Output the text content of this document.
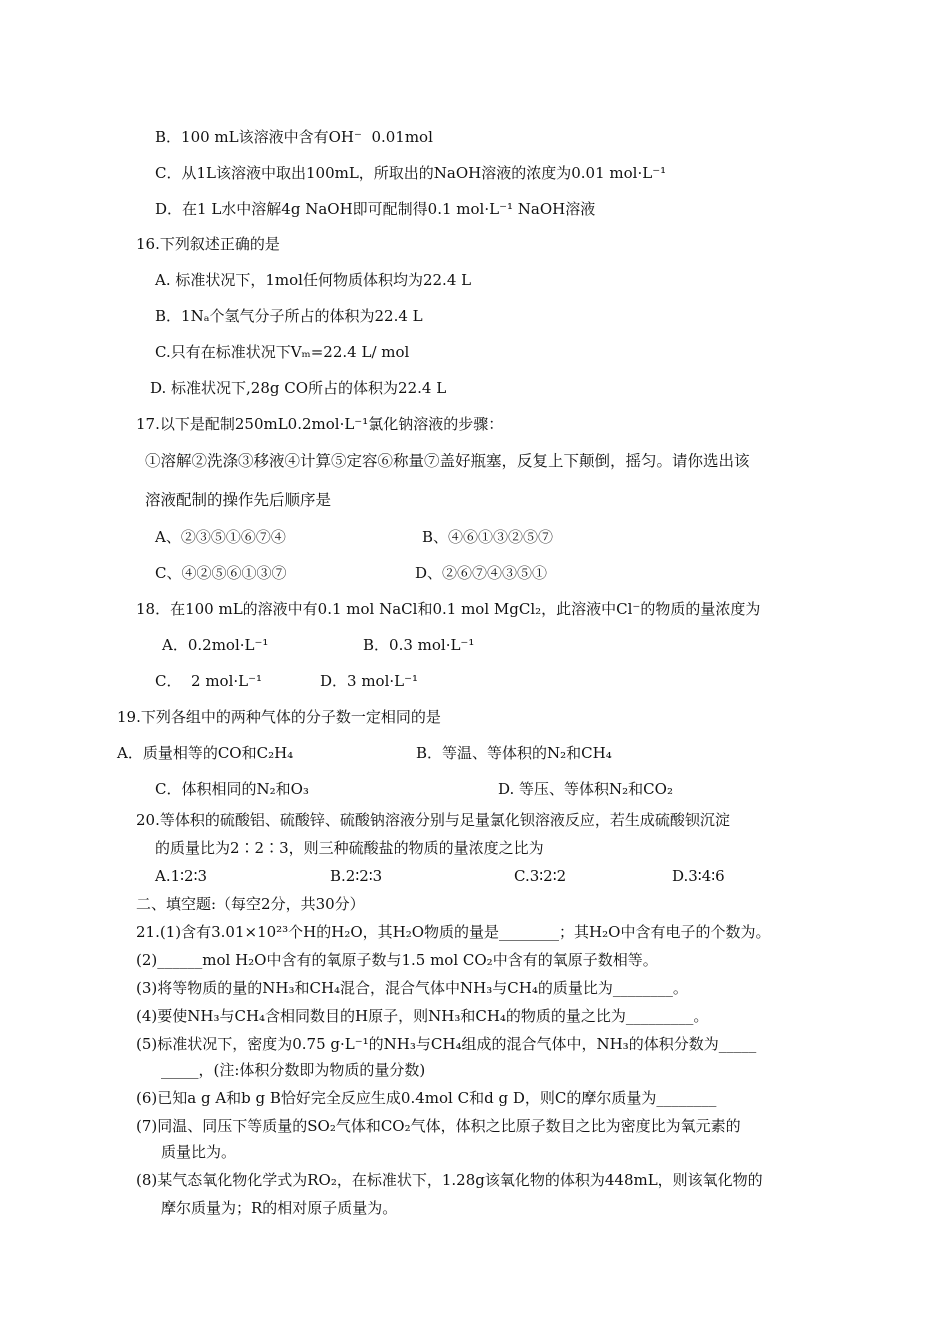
B．100 mL该溶液中含有OH⁻  0.01mol
C．从1L该溶液中取出100mL，所取出的NaOH溶液的浓度为0.01 mol·L⁻¹
D．在1 L水中溶解4g NaOH即可配制得0.1 mol·L⁻¹ NaOH溶液
16.下列叙述正确的是
A. 标准状况下，1mol任何物质体积均为22.4 L
B．1Nₐ个氢气分子所占的体积为22.4 L
C.只有在标准状况下Vₘ=22.4 L/ mol
D. 标准状况下,28g CO所占的体积为22.4 L
17.以下是配制250mL0.2mol·L⁻¹氯化钠溶液的步骤：
①溶解②洗涤③移液④计算⑤定容⑥称量⑦盖好瓶塞，反复上下颠倒，摇匀。请你选出该
溶液配制的操作先后顺序是
A、②③⑤①⑥⑦④	B、④⑥①③②⑤⑦
C、④②⑤⑥①③⑦	D、②⑥⑦④③⑤①
18．在100 mL的溶液中有0.1 mol NaCl和0.1 mol MgCl₂，此溶液中Cl⁻的物质的量浓度为
A．0.2mol·L⁻¹	B．0.3 mol·L⁻¹
C．  2 mol·L⁻¹	D．3 mol·L⁻¹
19.下列各组中的两种气体的分子数一定相同的是
A．质量相等的CO和C₂H₄	B．等温、等体积的N₂和CH₄
C．体积相同的N₂和O₃	D. 等压、等体积N₂和CO₂
20.等体积的硫酸铝、硫酸锌、硫酸钠溶液分别与足量氯化钡溶液反应，若生成硫酸钡沉淀
的质量比为2∶2∶3，则三种硫酸盐的物质的量浓度之比为
A.1∶2∶3	B.2∶2∶3	C.3∶2∶2	D.3∶4∶6
二、填空题:（每空2分，共30分）
21.(1)含有3.01×10²³个H的H₂O，其H₂O物质的量是________；其H₂O中含有电子的个数为。
(2)______mol H₂O中含有的氧原子数与1.5 mol CO₂中含有的氧原子数相等。
(3)将等物质的量的NH₃和CH₄混合，混合气体中NH₃与CH₄的质量比为________。
(4)要使NH₃与CH₄含相同数目的H原子，则NH₃和CH₄的物质的量之比为_________。
(5)标准状况下，密度为0.75 g·L⁻¹的NH₃与CH₄组成的混合气体中，NH₃的体积分数为_____
_____，(注:体积分数即为物质的量分数)
(6)已知a g A和b g B恰好完全反应生成0.4mol C和d g D，则C的摩尔质量为________
(7)同温、同压下等质量的SO₂气体和CO₂气体，体积之比原子数目之比为密度比为氧元素的
质量比为。
(8)某气态氧化物化学式为RO₂，在标准状下，1.28g该氧化物的体积为448mL，则该氧化物的
摩尔质量为；R的相对原子质量为。
